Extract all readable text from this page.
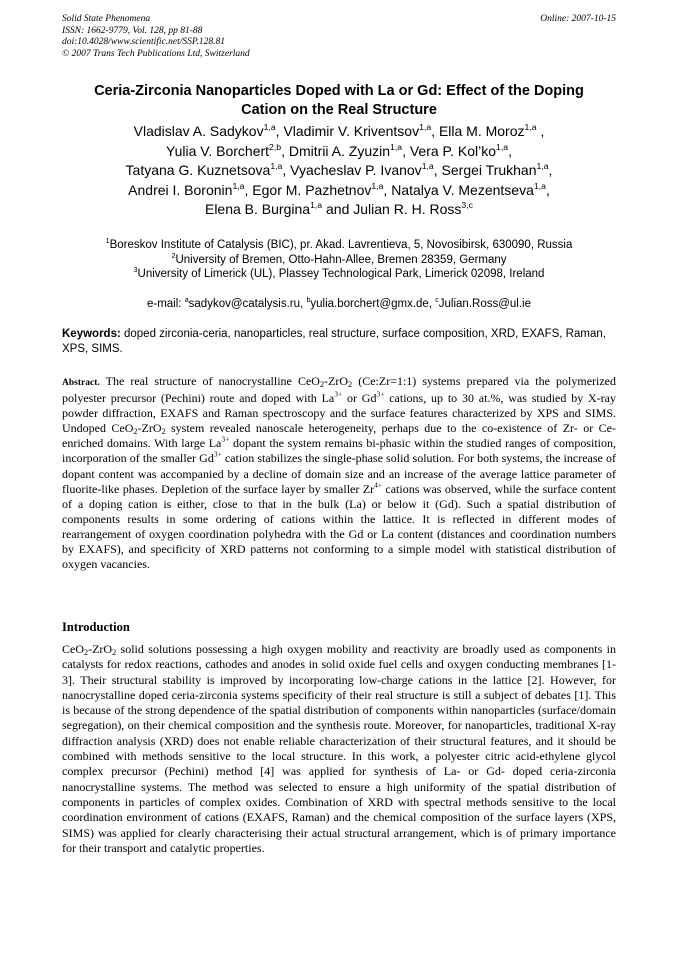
Solid State Phenomena
ISSN: 1662-9779, Vol. 128, pp 81-88
doi:10.4028/www.scientific.net/SSP.128.81
© 2007 Trans Tech Publications Ltd, Switzerland
Online: 2007-10-15
Ceria-Zirconia Nanoparticles Doped with La or Gd: Effect of the Doping
Cation on the Real Structure
Vladislav A. Sadykov$^{1,a}$, Vladimir V. Kriventsov$^{1,a}$, Ella M. Moroz$^{1,a}$ ,
Yulia V. Borchert$^{2,b}$, Dmitrii A. Zyuzin$^{1,a}$, Vera P. Kol’ko$^{1,a}$,
Tatyana G. Kuznetsova$^{1,a}$, Vyacheslav P. Ivanov$^{1,a}$, Sergei Trukhan$^{1,a}$,
Andrei I. Boronin$^{1,a}$, Egor M. Pazhetnov$^{1,a}$, Natalya V. Mezentseva$^{1,a}$,
Elena B. Burgina$^{1,a}$ and Julian R. H. Ross$^{3,c}$
$^1$Boreskov Institute of Catalysis (BIC), pr. Akad. Lavrentieva, 5, Novosibirsk, 630090, Russia
$^2$University of Bremen, Otto-Hahn-Allee, Bremen 28359, Germany
$^3$University of Limerick (UL), Plassey Technological Park, Limerick 02098, Ireland
e-mail: $^a$sadykov@catalysis.ru, $^b$yulia.borchert@gmx.de, $^c$Julian.Ross@ul.ie
Keywords: doped zirconia-ceria, nanoparticles, real structure, surface composition, XRD, EXAFS, Raman, XPS, SIMS.
Abstract. The real structure of nanocrystalline CeO$_2$-ZrO$_2$ (Ce:Zr=1:1) systems prepared via the polymerized polyester precursor (Pechini) route and doped with $La^{3+}$ or $Gd^{3+}$ cations, up to 30 at.%, was studied by X-ray powder diffraction, EXAFS and Raman spectroscopy and the surface features characterized by XPS and SIMS. Undoped CeO$_2$-ZrO$_2$ system revealed nanoscale heterogeneity, perhaps due to the co-existence of Zr- or Ce-enriched domains. With large $La^{3+}$ dopant the system remains bi-phasic within the studied ranges of composition, incorporation of the smaller $Gd^{3+}$ cation stabilizes the single-phase solid solution. For both systems, the increase of dopant content was accompanied by a decline of domain size and an increase of the average lattice parameter of fluorite-like phases. Depletion of the surface layer by smaller $Zr^{4+}$ cations was observed, while the surface content of a doping cation is either, close to that in the bulk (La) or below it (Gd). Such a spatial distribution of components results in some ordering of cations within the lattice. It is reflected in different modes of rearrangement of oxygen coordination polyhedra with the Gd or La content (distances and coordination numbers by EXAFS), and specificity of XRD patterns not conforming to a simple model with statistical distribution of oxygen vacancies.
Introduction
CeO$_2$-ZrO$_2$ solid solutions possessing a high oxygen mobility and reactivity are broadly used as components in catalysts for redox reactions, cathodes and anodes in solid oxide fuel cells and oxygen conducting membranes [1-3]. Their structural stability is improved by incorporating low-charge cations in the lattice [2]. However, for nanocrystalline doped ceria-zirconia systems specificity of their real structure is still a subject of debates [1]. This is because of the strong dependence of the spatial distribution of components within nanoparticles (surface/domain segregation), on their chemical composition and the synthesis route. Moreover, for nanoparticles, traditional X-ray diffraction analysis (XRD) does not enable reliable characterization of their structural features, and it should be combined with methods sensitive to the local structure. In this work, a polyester citric acid-ethylene glycol complex precursor (Pechini) method [4] was applied for synthesis of La- or Gd- doped ceria-zirconia nanocrystalline systems. The method was selected to ensure a high uniformity of the spatial distribution of components in particles of complex oxides. Combination of XRD with spectral methods sensitive to the local coordination environment of cations (EXAFS, Raman) and the chemical composition of the surface layers (XPS, SIMS) was applied for clearly characterising their actual structural arrangement, which is of primary importance for their transport and catalytic properties.
